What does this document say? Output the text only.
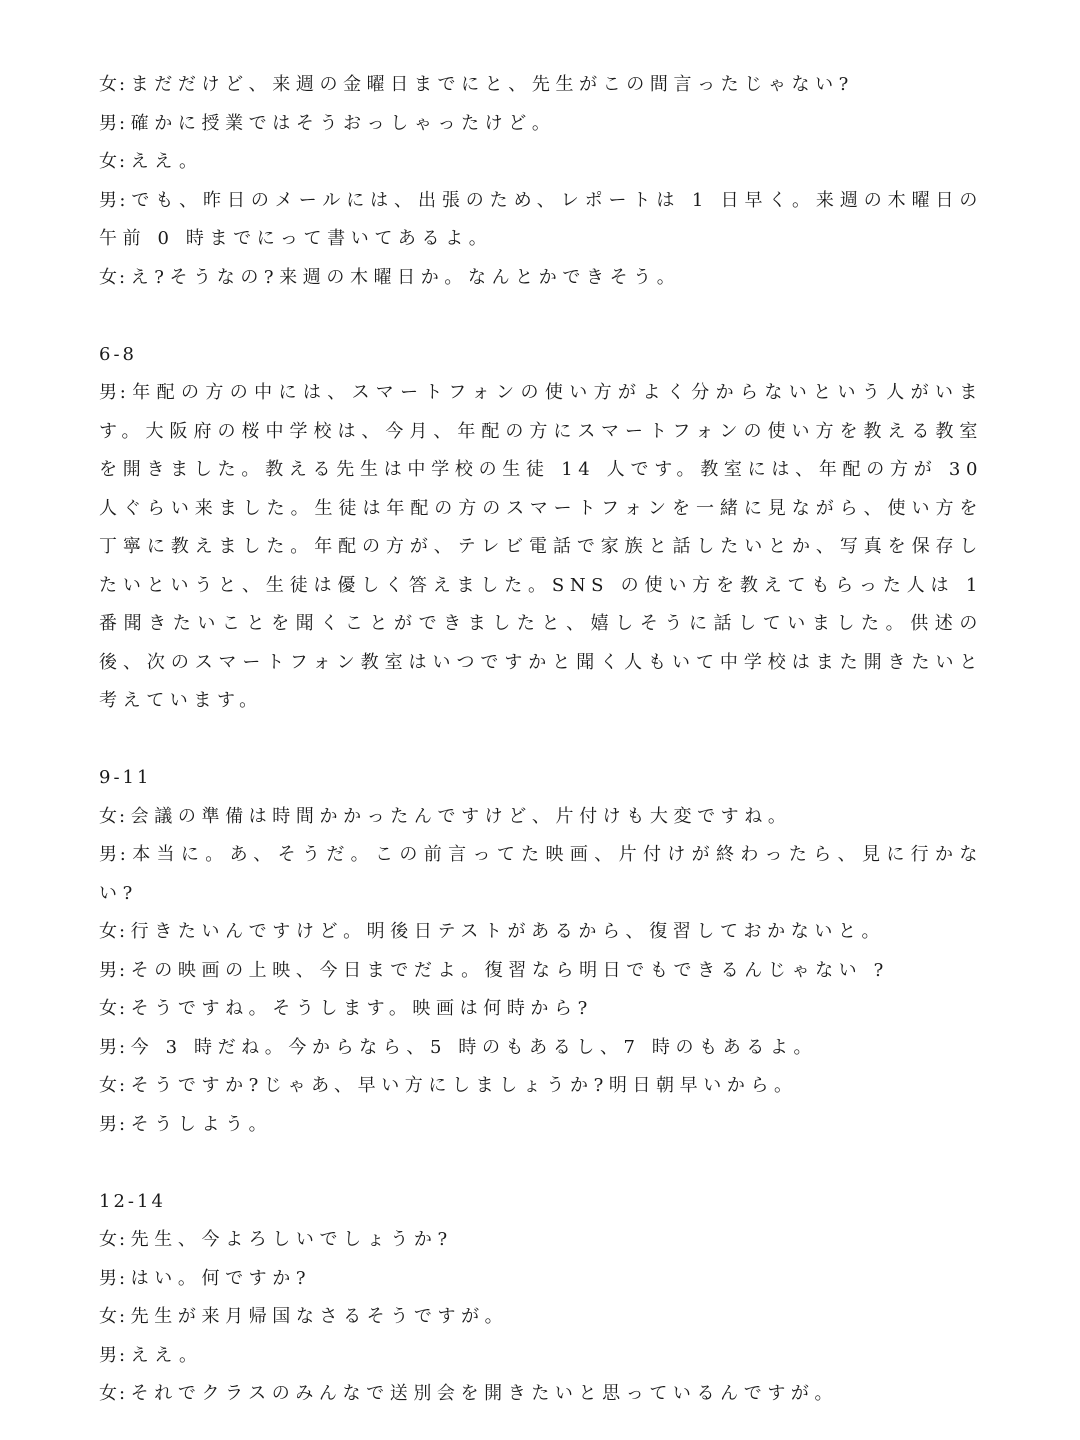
女:まだだけど、来週の金曜日までにと、先生がこの間言ったじゃない?
男:確かに授業ではそうおっしゃったけど。
女:ええ。
男:でも、昨日のメールには、出張のため、レポートは 1 日早く。来週の木曜日の午前 0 時までにって書いてあるよ。
女:え?そうなの?来週の木曜日か。なんとかできそう。
6-8
男:年配の方の中には、スマートフォンの使い方がよく分からないという人がいます。大阪府の桜中学校は、今月、年配の方にスマートフォンの使い方を教える教室を開きました。教える先生は中学校の生徒 14 人です。教室には、年配の方が 30 人ぐらい来ました。生徒は年配の方のスマートフォンを一緒に見ながら、使い方を丁寧に教えました。年配の方が、テレビ電話で家族と話したいとか、写真を保存したいというと、生徒は優しく答えました。SNS の使い方を教えてもらった人は 1 番聞きたいことを聞くことができましたと、嬉しそうに話していました。供述の後、次のスマートフォン教室はいつですかと聞く人もいて中学校はまた開きたいと考えています。
9-11
女:会議の準備は時間かかったんですけど、片付けも大変ですね。
男:本当に。あ、そうだ。この前言ってた映画、片付けが終わったら、見に行かない?
女:行きたいんですけど。明後日テストがあるから、復習しておかないと。
男:その映画の上映、今日までだよ。復習なら明日でもできるんじゃない ?
女:そうですね。そうします。映画は何時から?
男:今 3 時だね。今からなら、5 時のもあるし、7 時のもあるよ。
女:そうですか?じゃあ、早い方にしましょうか?明日朝早いから。
男:そうしよう。
12-14
女:先生、今よろしいでしょうか?
男:はい。何ですか?
女:先生が来月帰国なさるそうですが。
男:ええ。
女:それでクラスのみんなで送別会を開きたいと思っているんですが。
